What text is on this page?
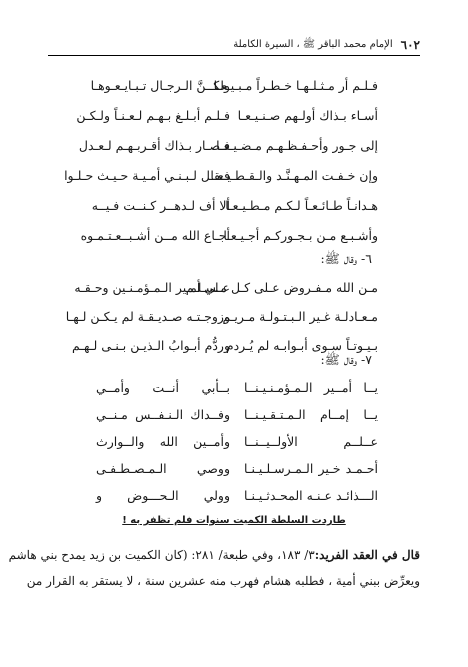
٦٠٢
الإمام محمد الباقر ﷺ ، السيرة الكاملة
ولكــنَّ الـرجـال تـبـايـعـوهـا
فـلـم أر مـثـلـهـا خـطـراً مـبـيـعـا
فـلـم أبـلـغ بـهـم لـعـنـاً ولـكـن أسـاء بـذاك أولـهم صـنـيـعـا
فـصـار بـذاك أقـربـهـم لـعـدل
إلى جـور وأحـفـظـهـم مـضـيـعـا
فـقـل لـبـنـي أمـيـة حـيـث حـلـوا
وإن خـفـت المـهـنَّـد والـقـطـيـعـا
ألا أف لـدهــر كـنــت فـيــه
هـدانـاً طـائـعـاً لـكـم مـطـيـعـا
أجـاع الله مــن أشـبــعـتـمـوه
وأشـبـع مـن بـجـوركـم أجـيـعـا
٦- وقال ﷺ:
عـلي أمـير الـمـؤمـنـين وحـقـه
مـن الله مـفـروض عـلى كـل مـسـلـم
وزوجـتـه صـديـقـة لم يـكـن لـهـا
مـعـادلـة غـير الـبـتـولـة مـريـم
وردُّم أبـوابُ الـذيـن بـنـى لـهـم
بـيـوتـاً سـوى أبـوابـه لم يُـردم
٧- وقال ﷺ:
بــأبي أنــت وأمــي يــا أمــير الـمـؤمـنـيـنــا
وفــداك الـنـفــس مـنــي يــا إمــام الـمـتـقـيـنــا
وأمــين الله والــوارث عــلــم الأولــيــنــا
ووصي الـمـصـطـفـى أحـمـد خـير الـمـرسـلـيـنـا
وولي الـحـــوض و الـــذائـد عـنـه المحـدثـيـنـا
طاردت السلطة الكميت سنوات فلم تظفر به !
قال في العقد الفريد:٣/ ١٨٣، وفي طبعة/ ٢٨١: (كان الكميت بن زيد يمدح بني هاشم
ويعرِّض ببني أمية ، فطلبه هشام فهرب منه عشرين سنة ، لا يستقر به القرار من
